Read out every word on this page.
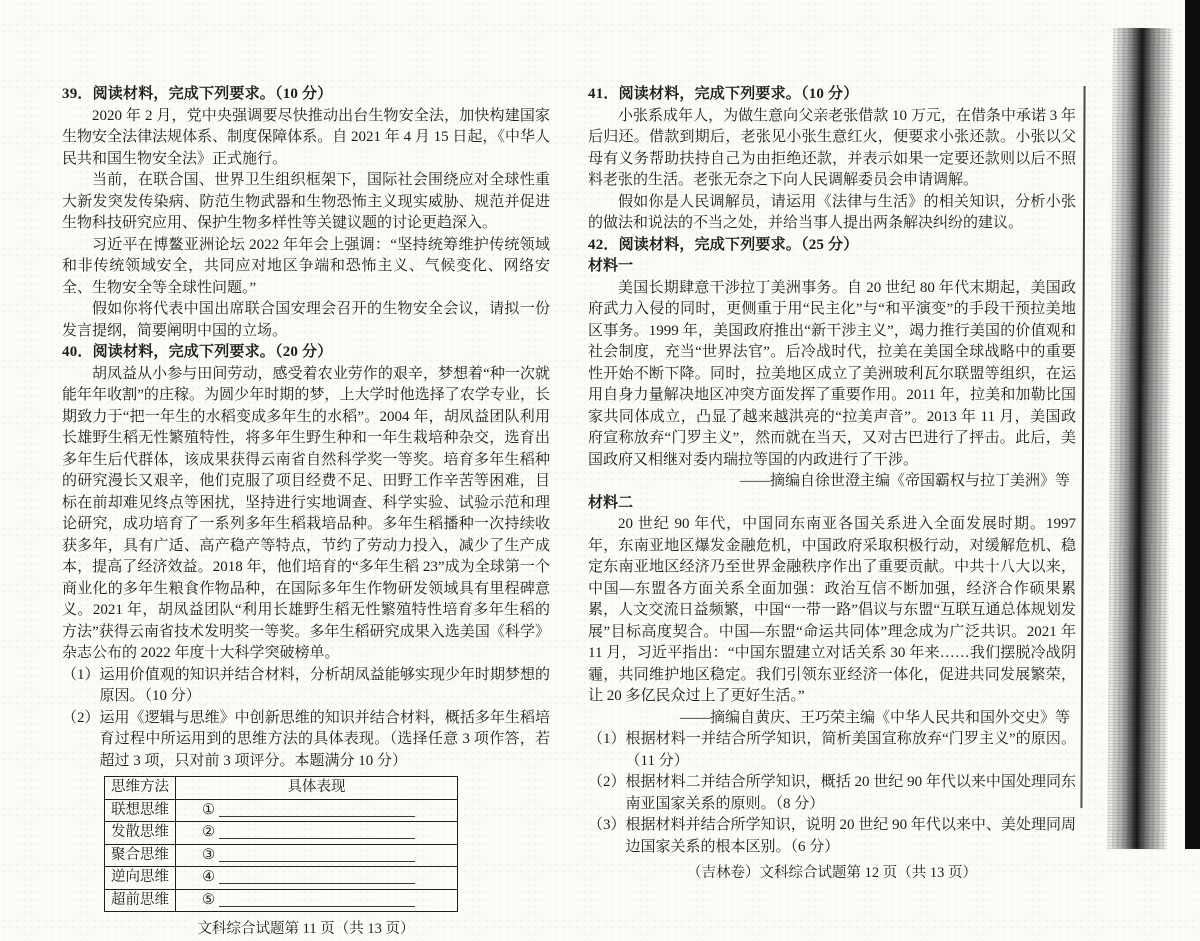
39．阅读材料，完成下列要求。（10 分）

2020 年 2 月，党中央强调要尽快推动出台生物安全法，加快构建国家生物安全法律法规体系、制度保障体系。自 2021 年 4 月 15 日起，《中华人民共和国生物安全法》正式施行。

当前，在联合国、世界卫生组织框架下，国际社会围绕应对全球性重大新发突发传染病、防范生物武器和生物恐怖主义现实威胁、规范并促进生物科技研究应用、保护生物多样性等关键议题的讨论更趋深入。

习近平在博鳌亚洲论坛 2022 年年会上强调：“坚持统筹维护传统领域和非传统领域安全，共同应对地区争端和恐怖主义、气候变化、网络安全、生物安全等全球性问题。”

假如你将代表中国出席联合国安理会召开的生物安全会议，请拟一份发言提纲，简要阐明中国的立场。

40．阅读材料，完成下列要求。（20 分）

胡凤益从小参与田间劳动，感受着农业劳作的艰辛，梦想着“种一次就能年年收割”的庄稼。为圆少年时期的梦，上大学时他选择了农学专业，长期致力于“把一年生的水稻变成多年生的水稻”。2004 年，胡凤益团队利用长雄野生稻无性繁殖特性，将多年生野生种和一年生栽培种杂交，选育出多年生后代群体，该成果获得云南省自然科学奖一等奖。培育多年生稻种的研究漫长又艰辛，他们克服了项目经费不足、田野工作辛苦等困难，目标在前却难见终点等困扰，坚持进行实地调查、科学实验、试验示范和理论研究，成功培育了一系列多年生稻栽培品种。多年生稻播种一次持续收获多年，具有广适、高产稳产等特点，节约了劳动力投入，减少了生产成本，提高了经济效益。2018 年，他们培育的“多年生稻 23”成为全球第一个商业化的多年生粮食作物品种，在国际多年生作物研发领域具有里程碑意义。2021 年，胡凤益团队“利用长雄野生稻无性繁殖特性培育多年生稻的方法”获得云南省技术发明奖一等奖。多年生稻研究成果入选美国《科学》杂志公布的 2022 年度十大科学突破榜单。

（1） 运用价值观的知识并结合材料，分析胡凤益能够实现少年时期梦想的原因。（10 分）
（2） 运用《逻辑与思维》中创新思维的知识并结合材料，概括多年生稻培育过程中所运用到的思维方法的具体表现。（选择任意 3 项作答，若超过 3 项，只对前 3 项评分。本题满分 10 分）
思维方法	具体表现
联想思维	①
发散思维	②
聚合思维	③
逆向思维	④
超前思维	⑤

文科综合试题第 11 页（共 13 页）

41．阅读材料，完成下列要求。（10 分）

小张系成年人，为做生意向父亲老张借款 10 万元，在借条中承诺 3 年后归还。借款到期后，老张见小张生意红火，便要求小张还款。小张以父母有义务帮助扶持自己为由拒绝还款，并表示如果一定要还款则以后不照料老张的生活。老张无奈之下向人民调解委员会申请调解。

假如你是人民调解员，请运用《法律与生活》的相关知识，分析小张的做法和说法的不当之处，并给当事人提出两条解决纠纷的建议。

42．阅读材料，完成下列要求。（25 分）

材料一

美国长期肆意干涉拉丁美洲事务。自 20 世纪 80 年代末期起，美国政府武力入侵的同时，更侧重于用“民主化”与“和平演变”的手段干预拉美地区事务。1999 年，美国政府推出“新干涉主义”，竭力推行美国的价值观和社会制度，充当“世界法官”。后冷战时代，拉美在美国全球战略中的重要性开始不断下降。同时，拉美地区成立了美洲玻利瓦尔联盟等组织，在运用自身力量解决地区冲突方面发挥了重要作用。2011 年，拉美和加勒比国家共同体成立，凸显了越来越洪亮的“拉美声音”。2013 年 11 月，美国政府宣称放弃“门罗主义”，然而就在当天，又对古巴进行了抨击。此后，美国政府又相继对委内瑞拉等国的内政进行了干涉。

——摘编自徐世澄主编《帝国霸权与拉丁美洲》等

材料二

20 世纪 90 年代，中国同东南亚各国关系进入全面发展时期。1997 年，东南亚地区爆发金融危机，中国政府采取积极行动，对缓解危机、稳定东南亚地区经济乃至世界金融秩序作出了重要贡献。中共十八大以来，中国—东盟各方面关系全面加强：政治互信不断加强，经济合作硕果累累，人文交流日益频繁，中国“一带一路”倡议与东盟“互联互通总体规划发展”目标高度契合。中国—东盟“命运共同体”理念成为广泛共识。2021 年 11 月，习近平指出：“中国东盟建立对话关系 30 年来……我们摆脱冷战阴霾，共同维护地区稳定。我们引领东亚经济一体化，促进共同发展繁荣，让 20 多亿民众过上了更好生活。”

——摘编自黄庆、王巧荣主编《中华人民共和国外交史》等

（1） 根据材料一并结合所学知识，简析美国宣称放弃“门罗主义”的原因。（11 分）
（2） 根据材料二并结合所学知识，概括 20 世纪 90 年代以来中国处理同东南亚国家关系的原则。（8 分）
（3） 根据材料并结合所学知识，说明 20 世纪 90 年代以来中、美处理同周边国家关系的根本区别。（6 分）

（吉林卷）文科综合试题第 12 页（共 13 页）
